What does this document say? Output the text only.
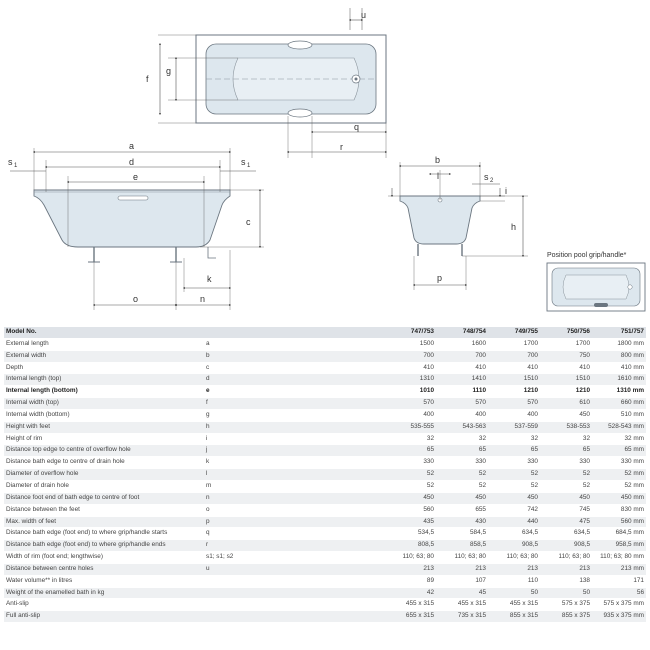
u
f
g
q
r
a
d
s 1	s 1
e
c
k
o	n
b
l	s 2
i
h
p
Position pool grip/handle*
Model No.		747/753	748/754	749/755	750/756	751/757
External length	a	1500	1600	1700	1700	1800 mm
External width	b	700	700	700	750	800 mm
Depth	c	410	410	410	410	410 mm
Internal length (top)	d	1310	1410	1510	1510	1610 mm
Internal length (bottom)	e	1010	1110	1210	1210	1310 mm
Internal width (top)	f	570	570	570	610	660 mm
Internal width (bottom)	g	400	400	400	450	510 mm
Height with feet	h	535-555	543-563	537-559	538-553	528-543 mm
Height of rim	i	32	32	32	32	32 mm
Distance top edge to centre of overflow hole	j	65	65	65	65	65 mm
Distance bath edge to centre of drain hole	k	330	330	330	330	330 mm
Diameter of overflow hole	l	52	52	52	52	52 mm
Diameter of drain hole	m	52	52	52	52	52 mm
Distance foot end of bath edge to centre of foot	n	450	450	450	450	450 mm
Distance between the feet	o	560	655	742	745	830 mm
Max. width of feet	p	435	430	440	475	560 mm
Distance bath edge (foot end) to where grip/handle starts	q	534,5	584,5	634,5	634,5	684,5 mm
Distance bath edge (foot end) to where grip/handle ends	r	808,5	858,5	908,5	908,5	958,5 mm
Width of rim (foot end; lengthwise)	s1; s1; s2	110; 63; 80	110; 63; 80	110; 63; 80	110; 63; 80	110; 63; 80 mm
Distance between centre holes	u	213	213	213	213	213 mm
Water volume** in litres		89	107	110	138	171
Weight of the enamelled bath in kg		42	45	50	50	56
Anti-slip		455 x 315	455 x 315	455 x 315	575 x 375	575 x 375 mm
Full anti-slip		655 x 315	735 x 315	855 x 315	855 x 375	935 x 375 mm
